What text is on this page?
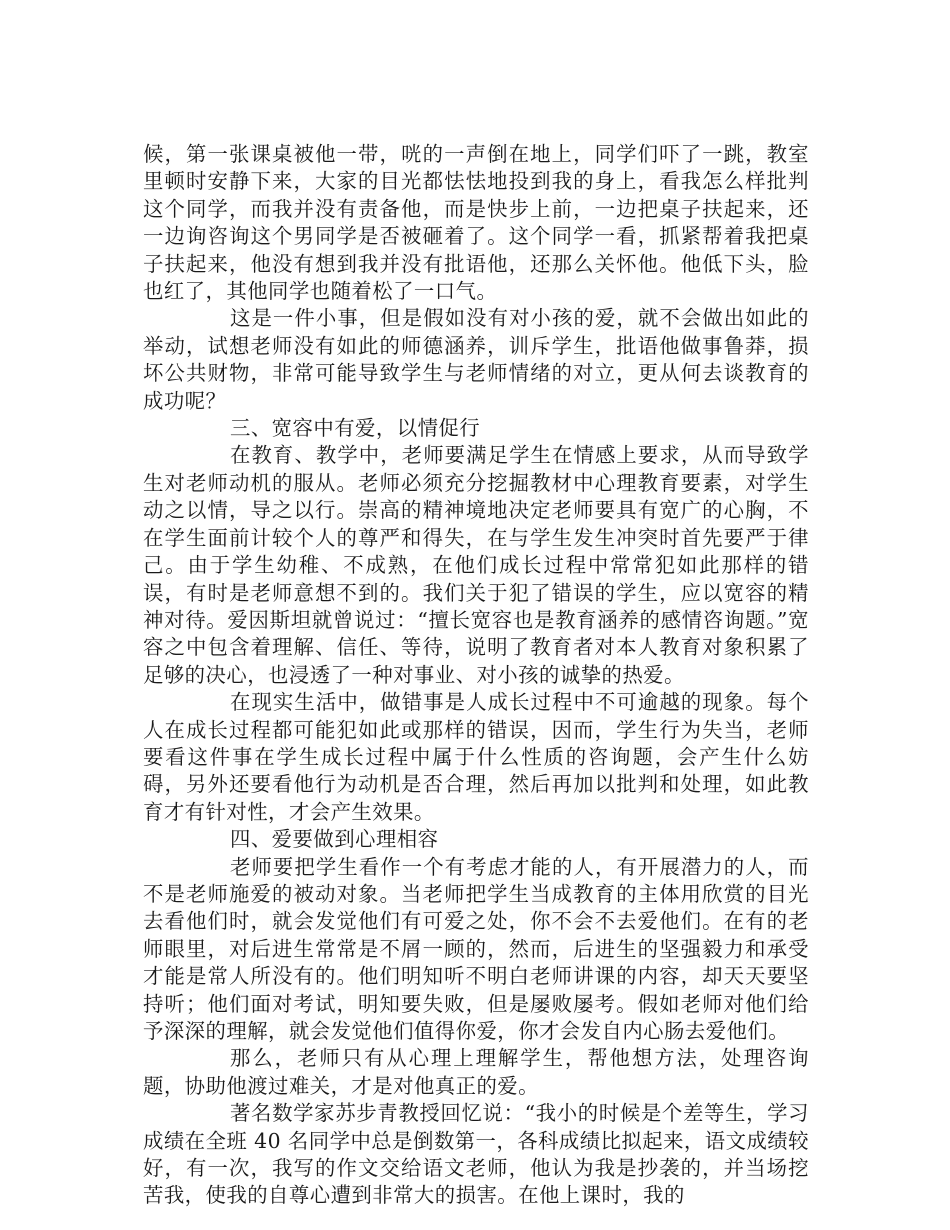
候，第一张课桌被他一带，咣的一声倒在地上，同学们吓了一跳，教室里顿时安静下来，大家的目光都怯怯地投到我的身上，看我怎么样批判这个同学，而我并没有责备他，而是快步上前，一边把桌子扶起来，还一边询咨询这个男同学是否被砸着了。这个同学一看，抓紧帮着我把桌子扶起来，他没有想到我并没有批语他，还那么关怀他。他低下头，脸也红了，其他同学也随着松了一口气。

这是一件小事，但是假如没有对小孩的爱，就不会做出如此的举动，试想老师没有如此的师德涵养，训斥学生，批语他做事鲁莽，损坏公共财物，非常可能导致学生与老师情绪的对立，更从何去谈教育的成功呢？

三、宽容中有爱，以情促行

在教育、教学中，老师要满足学生在情感上要求，从而导致学生对老师动机的服从。老师必须充分挖掘教材中心理教育要素，对学生动之以情，导之以行。崇高的精神境地决定老师要具有宽广的心胸，不在学生面前计较个人的尊严和得失，在与学生发生冲突时首先要严于律己。由于学生幼稚、不成熟，在他们成长过程中常常犯如此那样的错误，有时是老师意想不到的。我们关于犯了错误的学生，应以宽容的精神对待。爱因斯坦就曾说过：“擅长宽容也是教育涵养的感情咨询题。”宽容之中包含着理解、信任、等待，说明了教育者对本人教育对象积累了足够的决心，也浸透了一种对事业、对小孩的诚挚的热爱。

在现实生活中，做错事是人成长过程中不可逾越的现象。每个人在成长过程都可能犯如此或那样的错误，因而，学生行为失当，老师要看这件事在学生成长过程中属于什么性质的咨询题，会产生什么妨碍，另外还要看他行为动机是否合理，然后再加以批判和处理，如此教育才有针对性，才会产生效果。

四、爱要做到心理相容

老师要把学生看作一个有考虑才能的人，有开展潜力的人，而不是老师施爱的被动对象。当老师把学生当成教育的主体用欣赏的目光去看他们时，就会发觉他们有可爱之处，你不会不去爱他们。在有的老师眼里，对后进生常常是不屑一顾的，然而，后进生的坚强毅力和承受才能是常人所没有的。他们明知听不明白老师讲课的内容，却天天要坚持听；他们面对考试，明知要失败，但是屡败屡考。假如老师对他们给予深深的理解，就会发觉他们值得你爱，你才会发自内心肠去爱他们。

那么，老师只有从心理上理解学生，帮他想方法，处理咨询题，协助他渡过难关，才是对他真正的爱。

著名数学家苏步青教授回忆说：“我小的时候是个差等生，学习成绩在全班 40 名同学中总是倒数第一，各科成绩比拟起来，语文成绩较好，有一次，我写的作文交给语文老师，他认为我是抄袭的，并当场挖苦我，使我的自尊心遭到非常大的损害。在他上课时，我的
